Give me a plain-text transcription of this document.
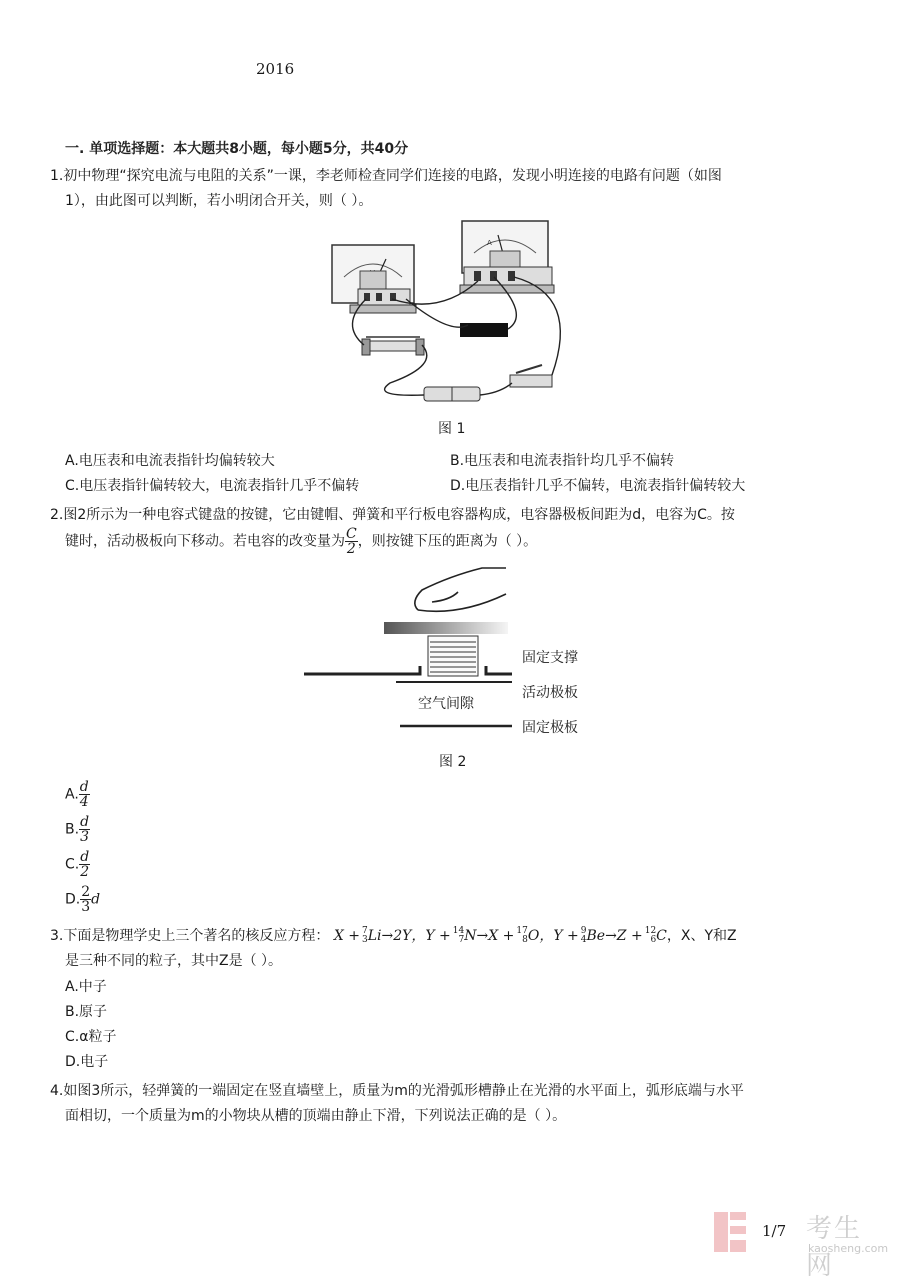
2016
一. 单项选择题：本大题共8小题，每小题5分，共40分
1.初中物理“探究电流与电阻的关系”一课，李老师检查同学们连接的电路，发现小明连接的电路有问题（如图
1），由此图可以判断，若小明闭合开关，则（ ）。
A
图 1
A.电压表和电流表指针均偏转较大	B.电压表和电流表指针均几乎不偏转
C.电压表指针偏转较大，电流表指针几乎不偏转	D.电压表指针几乎不偏转，电流表指针偏转较大
2.图2所示为一种电容式键盘的按键，它由键帽、弹簧和平行板电容器构成，电容器极板间距为d，电容为C。按
键时，活动极板向下移动。若电容的改变量为 $\frac{C}{2}$ ，则按键下压的距离为（ ）。
固定支撑
活动极板
空气间隙
固定极板
图 2
A. $\frac{d}{4}$
B. $\frac{d}{3}$
C. $\frac{d}{2}$
D. $\frac{2}{3}$ d
3.下面是物理学史上三个著名的核反应方程： X + 7
3 Li→2Y，Y + 14
7 N→X + 17
8 O，Y + 9
4 Be→Z + 12
6 C，X、Y和Z
是三种不同的粒子，其中Z是（ ）。
A.中子
B.原子
C.α粒子
D.电子
4.如图3所示，轻弹簧的一端固定在竖直墙壁上，质量为m的光滑弧形槽静止在光滑的水平面上，弧形底端与水平
面相切，一个质量为m的小物块从槽的顶端由静止下滑，下列说法正确的是（ ）。
1/7 考生网
kaosheng.com
